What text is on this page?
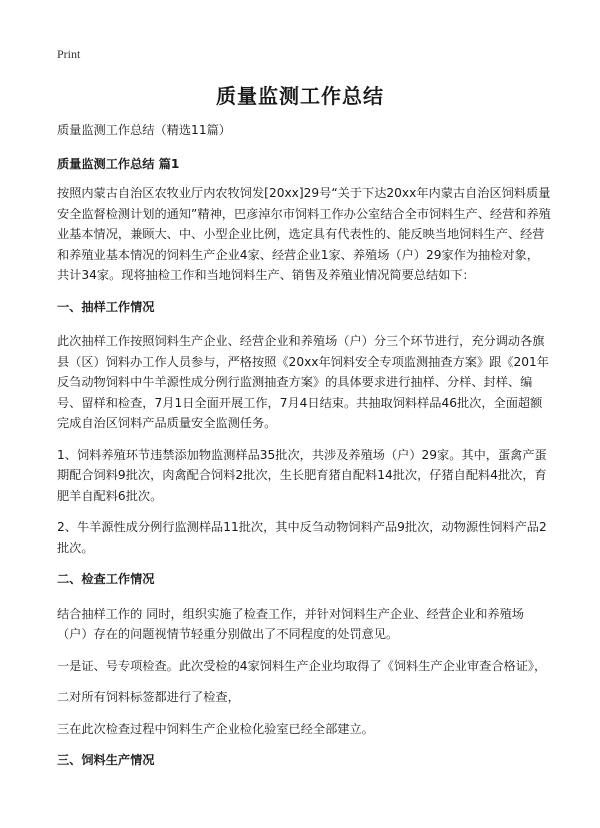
Print
质量监测工作总结

质量监测工作总结（精选11篇）

质量监测工作总结 篇1

按照内蒙古自治区农牧业厅内农牧饲发[20xx]29号“关于下达20xx年内蒙古自治区饲料质量安全监督检测计划的通知”精神，巴彦淖尔市饲料工作办公室结合全市饲料生产、经营和养殖业基本情况，兼顾大、中、小型企业比例，选定具有代表性的、能反映当地饲料生产、经营和养殖业基本情况的饲料生产企业4家、经营企业1家、养殖场（户）29家作为抽检对象，共计34家。现将抽检工作和当地饲料生产、销售及养殖业情况简要总结如下：

一、抽样工作情况

此次抽样工作按照饲料生产企业、经营企业和养殖场（户）分三个环节进行，充分调动各旗县（区）饲料办工作人员参与，严格按照《20xx年饲料安全专项监测抽查方案》跟《201年反刍动物饲料中牛羊源性成分例行监测抽查方案》的具体要求进行抽样、分样、封样、编号、留样和检查，7月1日全面开展工作，7月4日结束。共抽取饲料样品46批次，全面超额完成自治区饲料产品质量安全监测任务。

1、饲料养殖环节违禁添加物监测样品35批次，共涉及养殖场（户）29家。其中，蛋禽产蛋期配合饲料9批次，肉禽配合饲料2批次，生长肥育猪自配料14批次，仔猪自配料4批次，育肥羊自配料6批次。

2、牛羊源性成分例行监测样品11批次，其中反刍动物饲料产品9批次，动物源性饲料产品2批次。

二、检查工作情况

结合抽样工作的 同时，组织实施了检查工作，并针对饲料生产企业、经营企业和养殖场（户）存在的问题视情节轻重分别做出了不同程度的处罚意见。

一是证、号专项检查。此次受检的4家饲料生产企业均取得了《饲料生产企业审查合格证》，

二对所有饲料标签都进行了检查，

三在此次检查过程中饲料生产企业检化验室已经全部建立。

三、饲料生产情况
